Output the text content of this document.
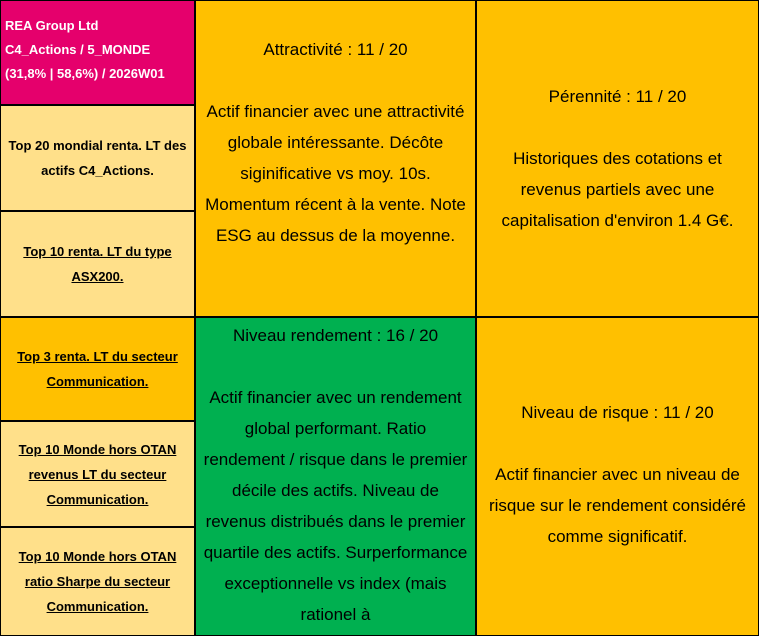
REA Group Ltd
C4_Actions / 5_MONDE
(31,8% | 58,6%) / 2026W01
Top 20 mondial renta. LT des actifs C4_Actions.
Top 10 renta. LT du type ASX200.
Top 3 renta. LT du secteur Communication.
Top 10 Monde hors OTAN revenus LT du secteur Communication.
Top 10 Monde hors OTAN ratio Sharpe du secteur Communication.
Attractivité : 11 / 20
Actif financier avec une attractivité globale intéressante. Décôte siginificative vs moy. 10s. Momentum récent à la vente. Note ESG au dessus de la moyenne.
Pérennité : 11 / 20
Historiques des cotations et revenus partiels avec une capitalisation d'environ 1.4 G€.
Niveau rendement : 16 / 20
Actif financier avec un rendement global performant. Ratio rendement / risque dans le premier décile des actifs. Niveau de revenus distribués dans le premier quartile des actifs. Surperformance exceptionnelle vs index (mais rationel à
Niveau de risque : 11 / 20
Actif financier avec un niveau de risque sur le rendement considéré comme significatif.
